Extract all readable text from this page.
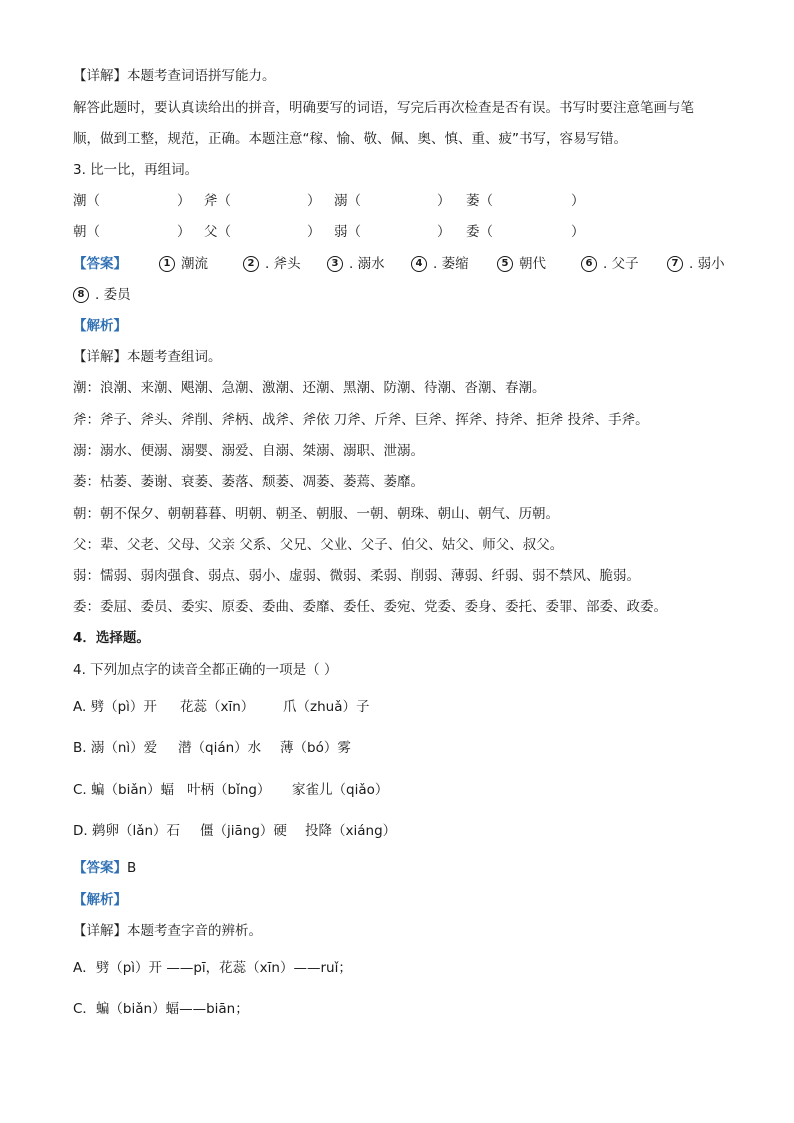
【详解】本题考查词语拼写能力。
解答此题时，要认真读给出的拼音，明确要写的词语，写完后再次检查是否有误。书写时要注意笔画与笔
顺，做到工整，规范，正确。本题注意“稼、愉、敬、佩、奥、慎、重、疲”书写，容易写错。
3. 比一比，再组词。
潮（	） 斧（	） 溺（	） 萎（	）
朝（	） 父（	） 弱（	） 委（	）
【答案】	1 潮流	2 . 斧头	3 . 溺水	4 . 萎缩	5 朝代	6 . 父子	7 . 弱小
8 . 委员
【解析】
【详解】本题考查组词。
潮：浪潮、来潮、飓潮、急潮、激潮、还潮、黑潮、防潮、待潮、沓潮、春潮。
斧：斧子、斧头、斧削、斧柄、战斧、斧依 刀斧、斤斧、巨斧、挥斧、持斧、拒斧 投斧、手斧。
溺：溺水、便溺、溺婴、溺爱、自溺、桀溺、溺职、泄溺。
萎：枯萎、萎谢、衰萎、萎落、颓萎、凋萎、萎蔫、萎靡。
朝：朝不保夕、朝朝暮暮、明朝、朝圣、朝服、一朝、朝珠、朝山、朝气、历朝。
父：辈、父老、父母、父亲 父系、父兄、父业、父子、伯父、姑父、师父、叔父。
弱：懦弱、弱肉强食、弱点、弱小、虚弱、微弱、柔弱、削弱、薄弱、纤弱、弱不禁风、脆弱。
委：委屈、委员、委实、原委、委曲、委靡、委任、委宛、党委、委身、委托、委罪、部委、政委。
4．选择题。
4. 下列加点字的读音全都正确的一项是（ ）
A. 劈（pì）开 花蕊（xīn） 爪（zhuǎ）子
B. 溺（nì）爱 潜（qián）水 薄（bó）雾
C. 蝙（biǎn）蝠 叶柄（bǐng） 家雀儿（qiǎo）
D. 鹈卵（lǎn）石 僵（jiāng）硬 投降（xiáng）
【答案】B
【解析】
【详解】本题考查字音的辨析。
A．劈（pì）开 ——pī，花蕊（xīn）——ruǐ；
C．蝙（biǎn）蝠——biān；
